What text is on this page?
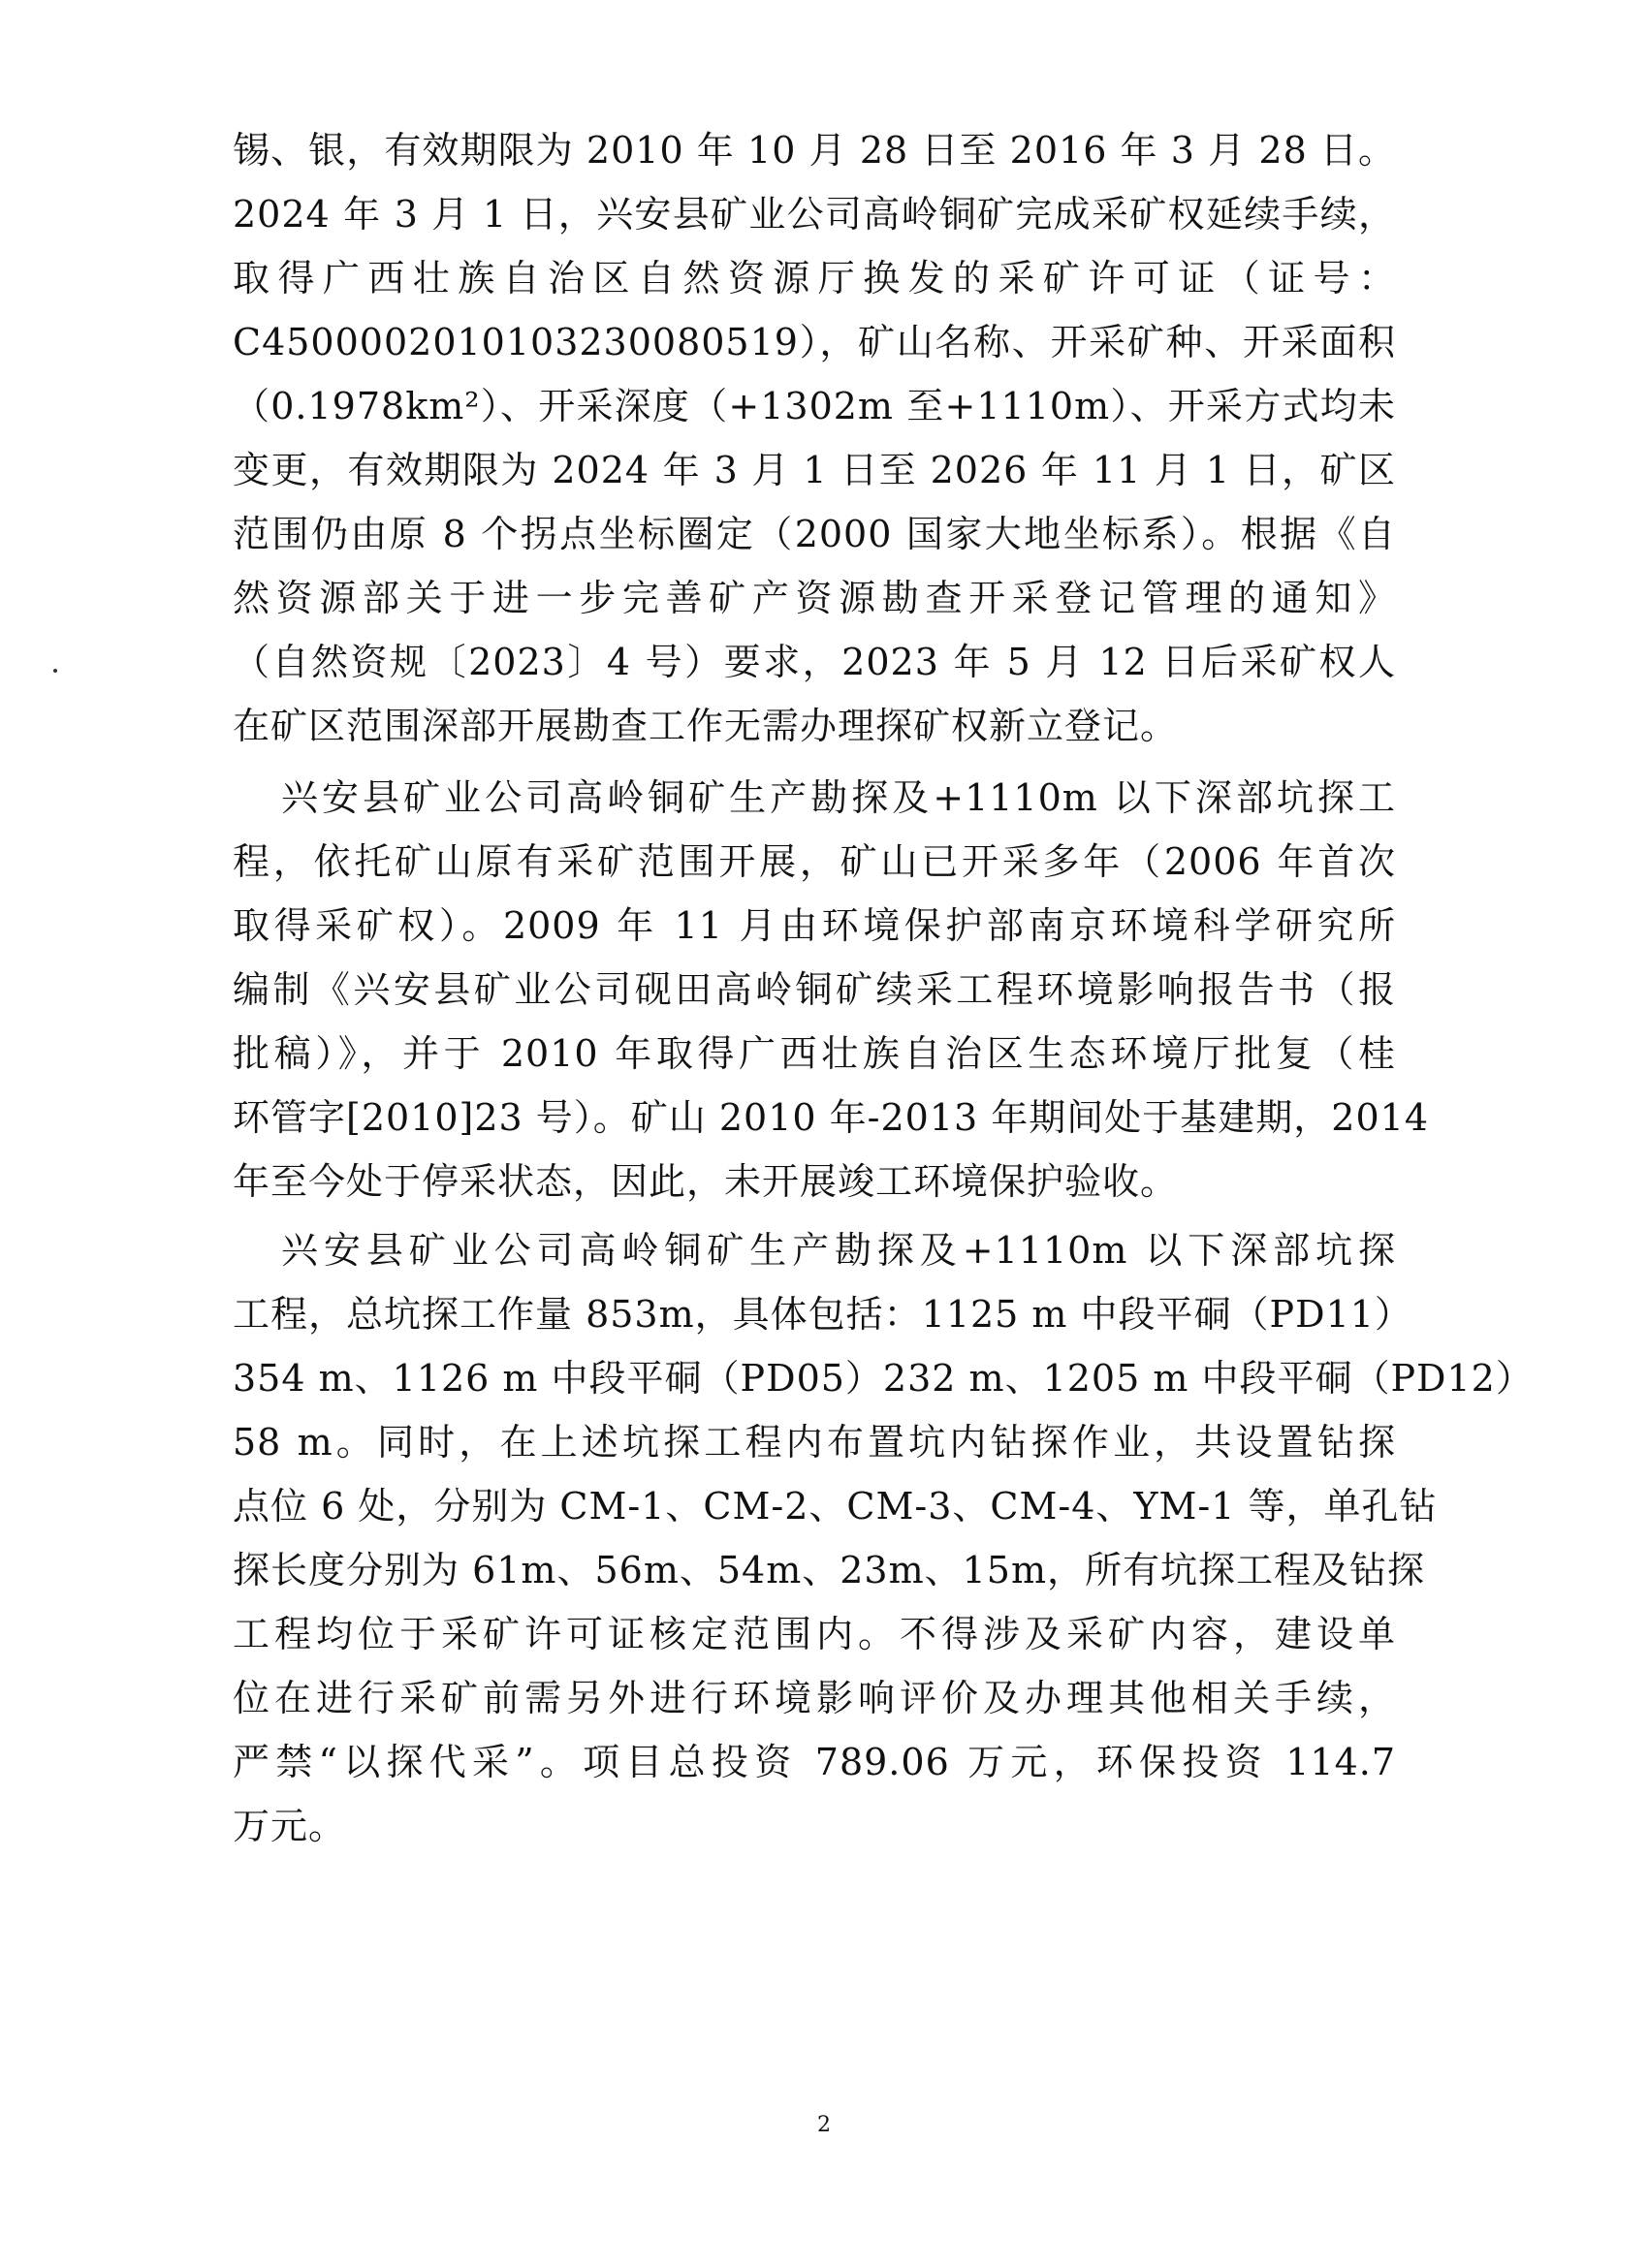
锡、银，有效期限为 2010 年 10 月 28 日至 2016 年 3 月 28 日。
2024 年 3 月 1 日，兴安县矿业公司高岭铜矿完成采矿权延续手续，
取得广西壮族自治区自然资源厅换发的采矿许可证（证号：
C4500002010103230080519），矿山名称、开采矿种、开采面积
（0.1978km²）、开采深度（+1302m 至+1110m）、开采方式均未
变更，有效期限为 2024 年 3 月 1 日至 2026 年 11 月 1 日，矿区
范围仍由原 8 个拐点坐标圈定（2000 国家大地坐标系）。根据《自
然资源部关于进一步完善矿产资源勘查开采登记管理的通知》
（自然资规〔2023〕4 号）要求，2023 年 5 月 12 日后采矿权人
在矿区范围深部开展勘查工作无需办理探矿权新立登记。
兴安县矿业公司高岭铜矿生产勘探及+1110m 以下深部坑探工
程，依托矿山原有采矿范围开展，矿山已开采多年（2006 年首次
取得采矿权）。2009 年 11 月由环境保护部南京环境科学研究所
编制《兴安县矿业公司砚田高岭铜矿续采工程环境影响报告书（报
批稿）》，并于 2010 年取得广西壮族自治区生态环境厅批复（桂
环管字[2010]23 号）。矿山 2010 年-2013 年期间处于基建期，2014
年至今处于停采状态，因此，未开展竣工环境保护验收。
兴安县矿业公司高岭铜矿生产勘探及+1110m 以下深部坑探
工程，总坑探工作量 853m，具体包括：1125 m 中段平硐（PD11）
354 m、1126 m 中段平硐（PD05）232 m、1205 m 中段平硐（PD12）
58 m。同时，在上述坑探工程内布置坑内钻探作业，共设置钻探
点位 6 处，分别为 CM-1、CM-2、CM-3、CM-4、YM-1 等，单孔钻
探长度分别为 61m、56m、54m、23m、15m，所有坑探工程及钻探
工程均位于采矿许可证核定范围内。不得涉及采矿内容，建设单
位在进行采矿前需另外进行环境影响评价及办理其他相关手续，
严禁“以探代采”。项目总投资 789.06 万元，环保投资 114.7
万元。
2
